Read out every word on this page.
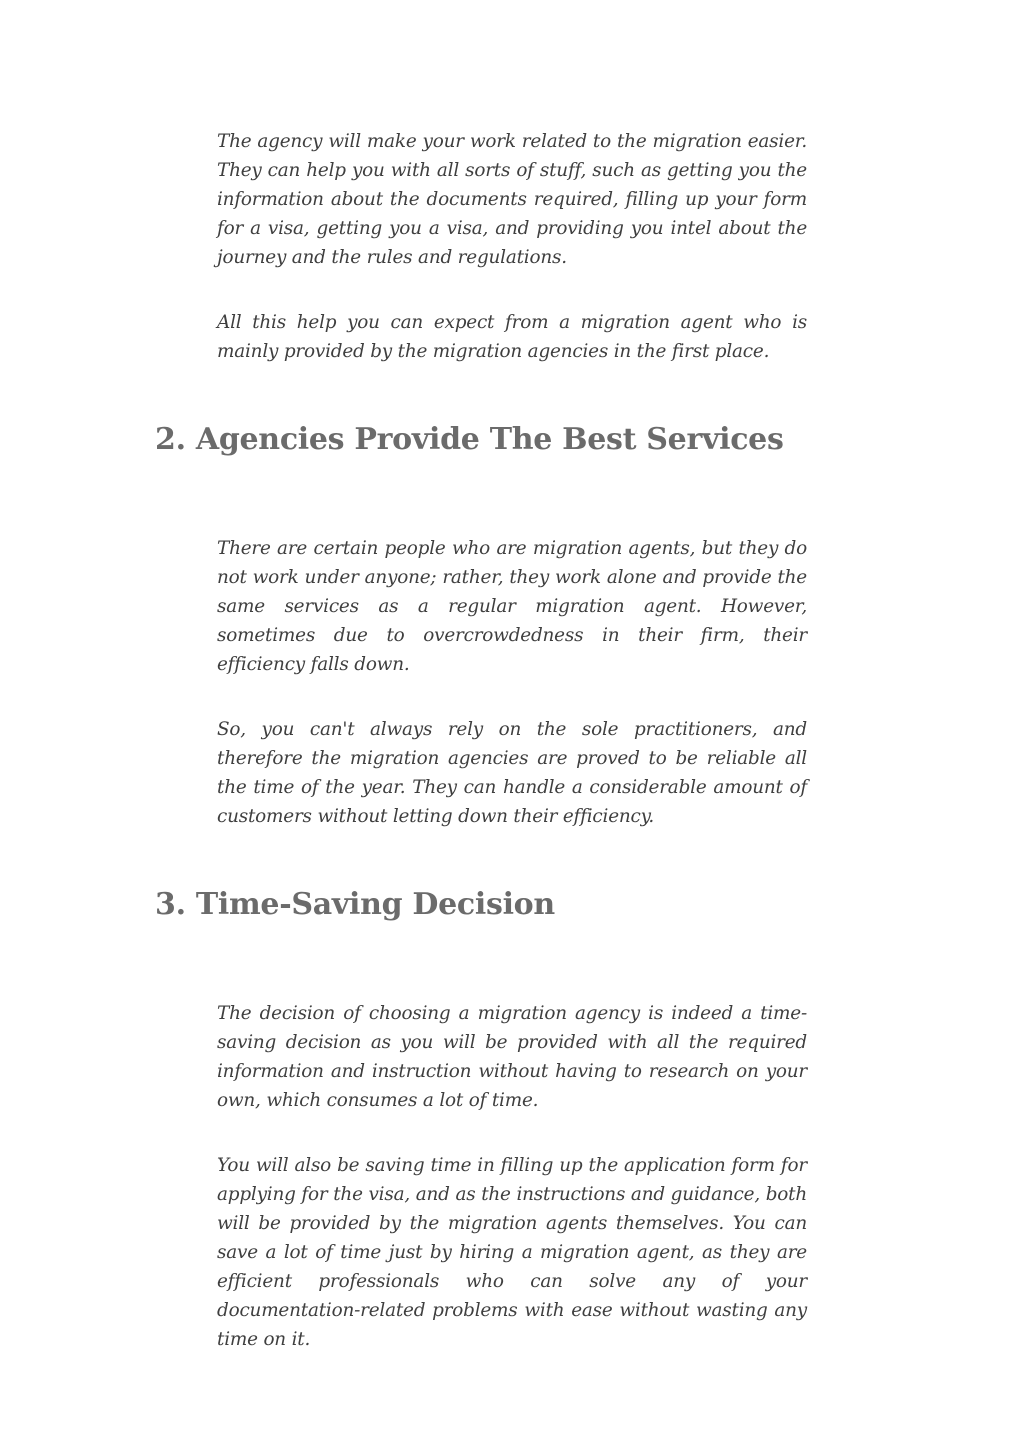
The agency will make your work related to the migration easier. They can help you with all sorts of stuff, such as getting you the information about the documents required, filling up your form for a visa, getting you a visa, and providing you intel about the journey and the rules and regulations.

All this help you can expect from a migration agent who is mainly provided by the migration agencies in the first place.

2. Agencies Provide The Best Services

There are certain people who are migration agents, but they do not work under anyone; rather, they work alone and provide the same services as a regular migration agent. However, sometimes due to overcrowdedness in their firm, their efficiency falls down.

So, you can't always rely on the sole practitioners, and therefore the migration agencies are proved to be reliable all the time of the year. They can handle a considerable amount of customers without letting down their efficiency.

3. Time-Saving Decision

The decision of choosing a migration agency is indeed a time-saving decision as you will be provided with all the required information and instruction without having to research on your own, which consumes a lot of time.

You will also be saving time in filling up the application form for applying for the visa, and as the instructions and guidance, both will be provided by the migration agents themselves. You can save a lot of time just by hiring a migration agent, as they are efficient professionals who can solve any of your documentation-related problems with ease without wasting any time on it.
